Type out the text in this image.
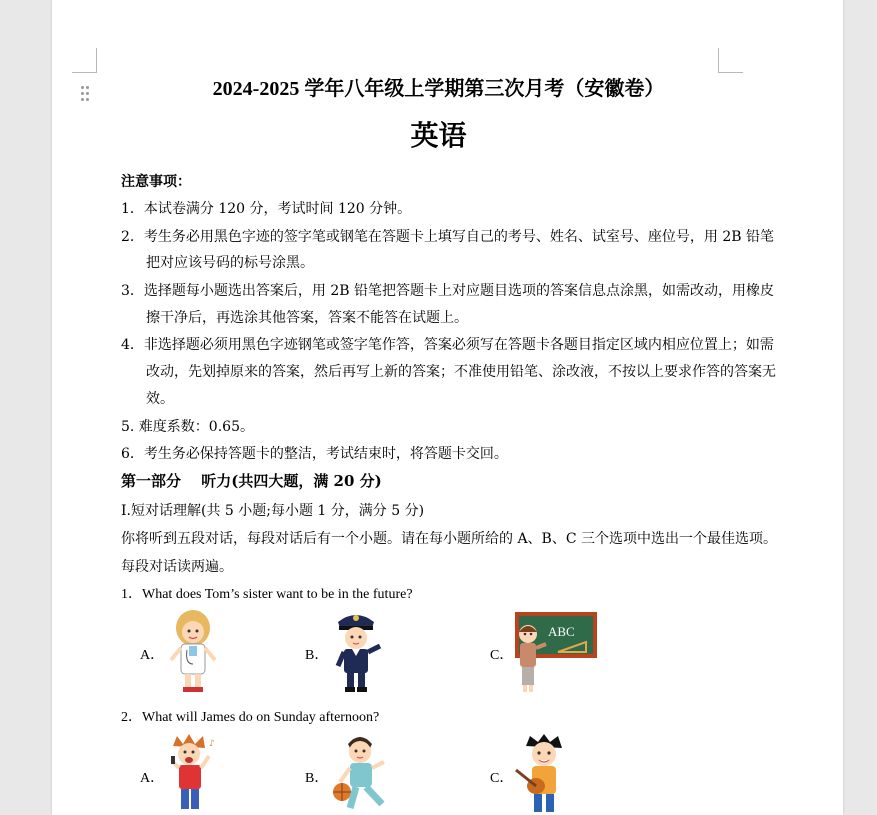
2024-2025 学年八年级上学期第三次月考（安徽卷）
英语
注意事项：
1．本试卷满分 120 分，考试时间 120 分钟。
2．考生务必用黑色字迹的签字笔或钢笔在答题卡上填写自己的考号、姓名、试室号、座位号，用 2B 铅笔
把对应该号码的标号涂黑。
3．选择题每小题选出答案后，用 2B 铅笔把答题卡上对应题目选项的答案信息点涂黑，如需改动，用橡皮
擦干净后，再选涂其他答案，答案不能答在试题上。
4．非选择题必须用黑色字迹钢笔或签字笔作答，答案必须写在答题卡各题目指定区域内相应位置上；如需
改动，先划掉原来的答案，然后再写上新的答案；不准使用铅笔、涂改液，不按以上要求作答的答案无
效。
5. 难度系数：0.65。
6．考生务必保持答题卡的整洁，考试结束时，将答题卡交回。
第一部分　 听力(共四大题，满 20 分)
Ⅰ.短对话理解(共 5 小题;每小题 1 分，满分 5 分)
你将听到五段对话，每段对话后有一个小题。请在每小题所给的 A、B、C 三个选项中选出一个最佳选项。
每段对话读两遍。
1．What does Tom’s sister want to be in the future?
A．	B．	C．
ABC
2．What will James do on Sunday afternoon?
A．
♪
B．	C．
